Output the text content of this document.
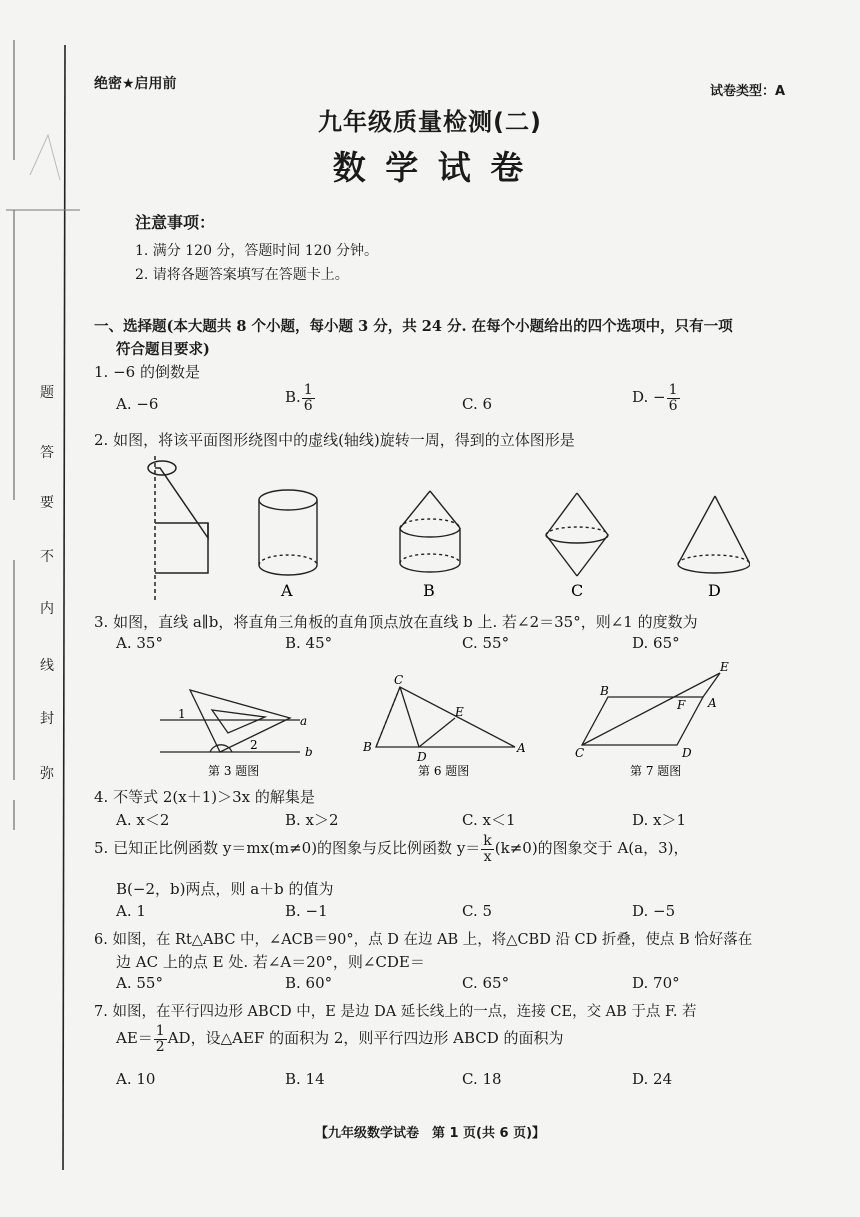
题
答
要
不
内
线
封
弥
绝密★启用前	试卷类型：A
九年级质量检测(二)
数 学 试 卷
注意事项：
1. 满分 120 分，答题时间 120 分钟。
2. 请将各题答案填写在答题卡上。
一、选择题(本大题共 8 个小题，每小题 3 分，共 24 分. 在每个小题给出的四个选项中，只有一项
符合题目要求)
1. −6 的倒数是
A. −6	B. $\frac{1}{6}$	C. 6	D. − $\frac{1}{6}$
2. 如图，将该平面图形绕图中的虚线(轴线)旋转一周，得到的立体图形是
A	B	C	D
3. 如图，直线 a∥b，将直角三角板的直角顶点放在直线 b 上. 若∠2＝35°，则∠1 的度数为
A. 35°	B. 45°	C. 55°	D. 65°
1
2
a
b
第 3 题图
C
E
B
D
A
第 6 题图
B
E
F A
C	D
第 7 题图
4. 不等式 2(x＋1)＞3x 的解集是
A. x＜2	B. x＞2	C. x＜1	D. x＞1
5. 已知正比例函数 y＝mx(m≠0)的图象与反比例函数 $y= \frac{k}{x} (k\ne 0)$的图象交于 A(a，3)，
B(−2，b)两点，则 a＋b 的值为
A. 1	B. −1	C. 5	D. −5
6. 如图，在 Rt△ABC 中，∠ACB＝90°，点 D 在边 AB 上，将△CBD 沿 CD 折叠，使点 B 恰好落在
边 AC 上的点 E 处. 若∠A＝20°，则∠CDE＝
A. 55°	B. 60°	C. 65°	D. 70°
7. 如图，在平行四边形 ABCD 中，E 是边 DA 延长线上的一点，连接 CE，交 AB 于点 F. 若
$AE= \frac{1}{2}$ AD，设△AEF 的面积为 2，则平行四边形 ABCD 的面积为
A. 10	B. 14	C. 18	D. 24
【九年级数学试卷　第 1 页(共 6 页)】
